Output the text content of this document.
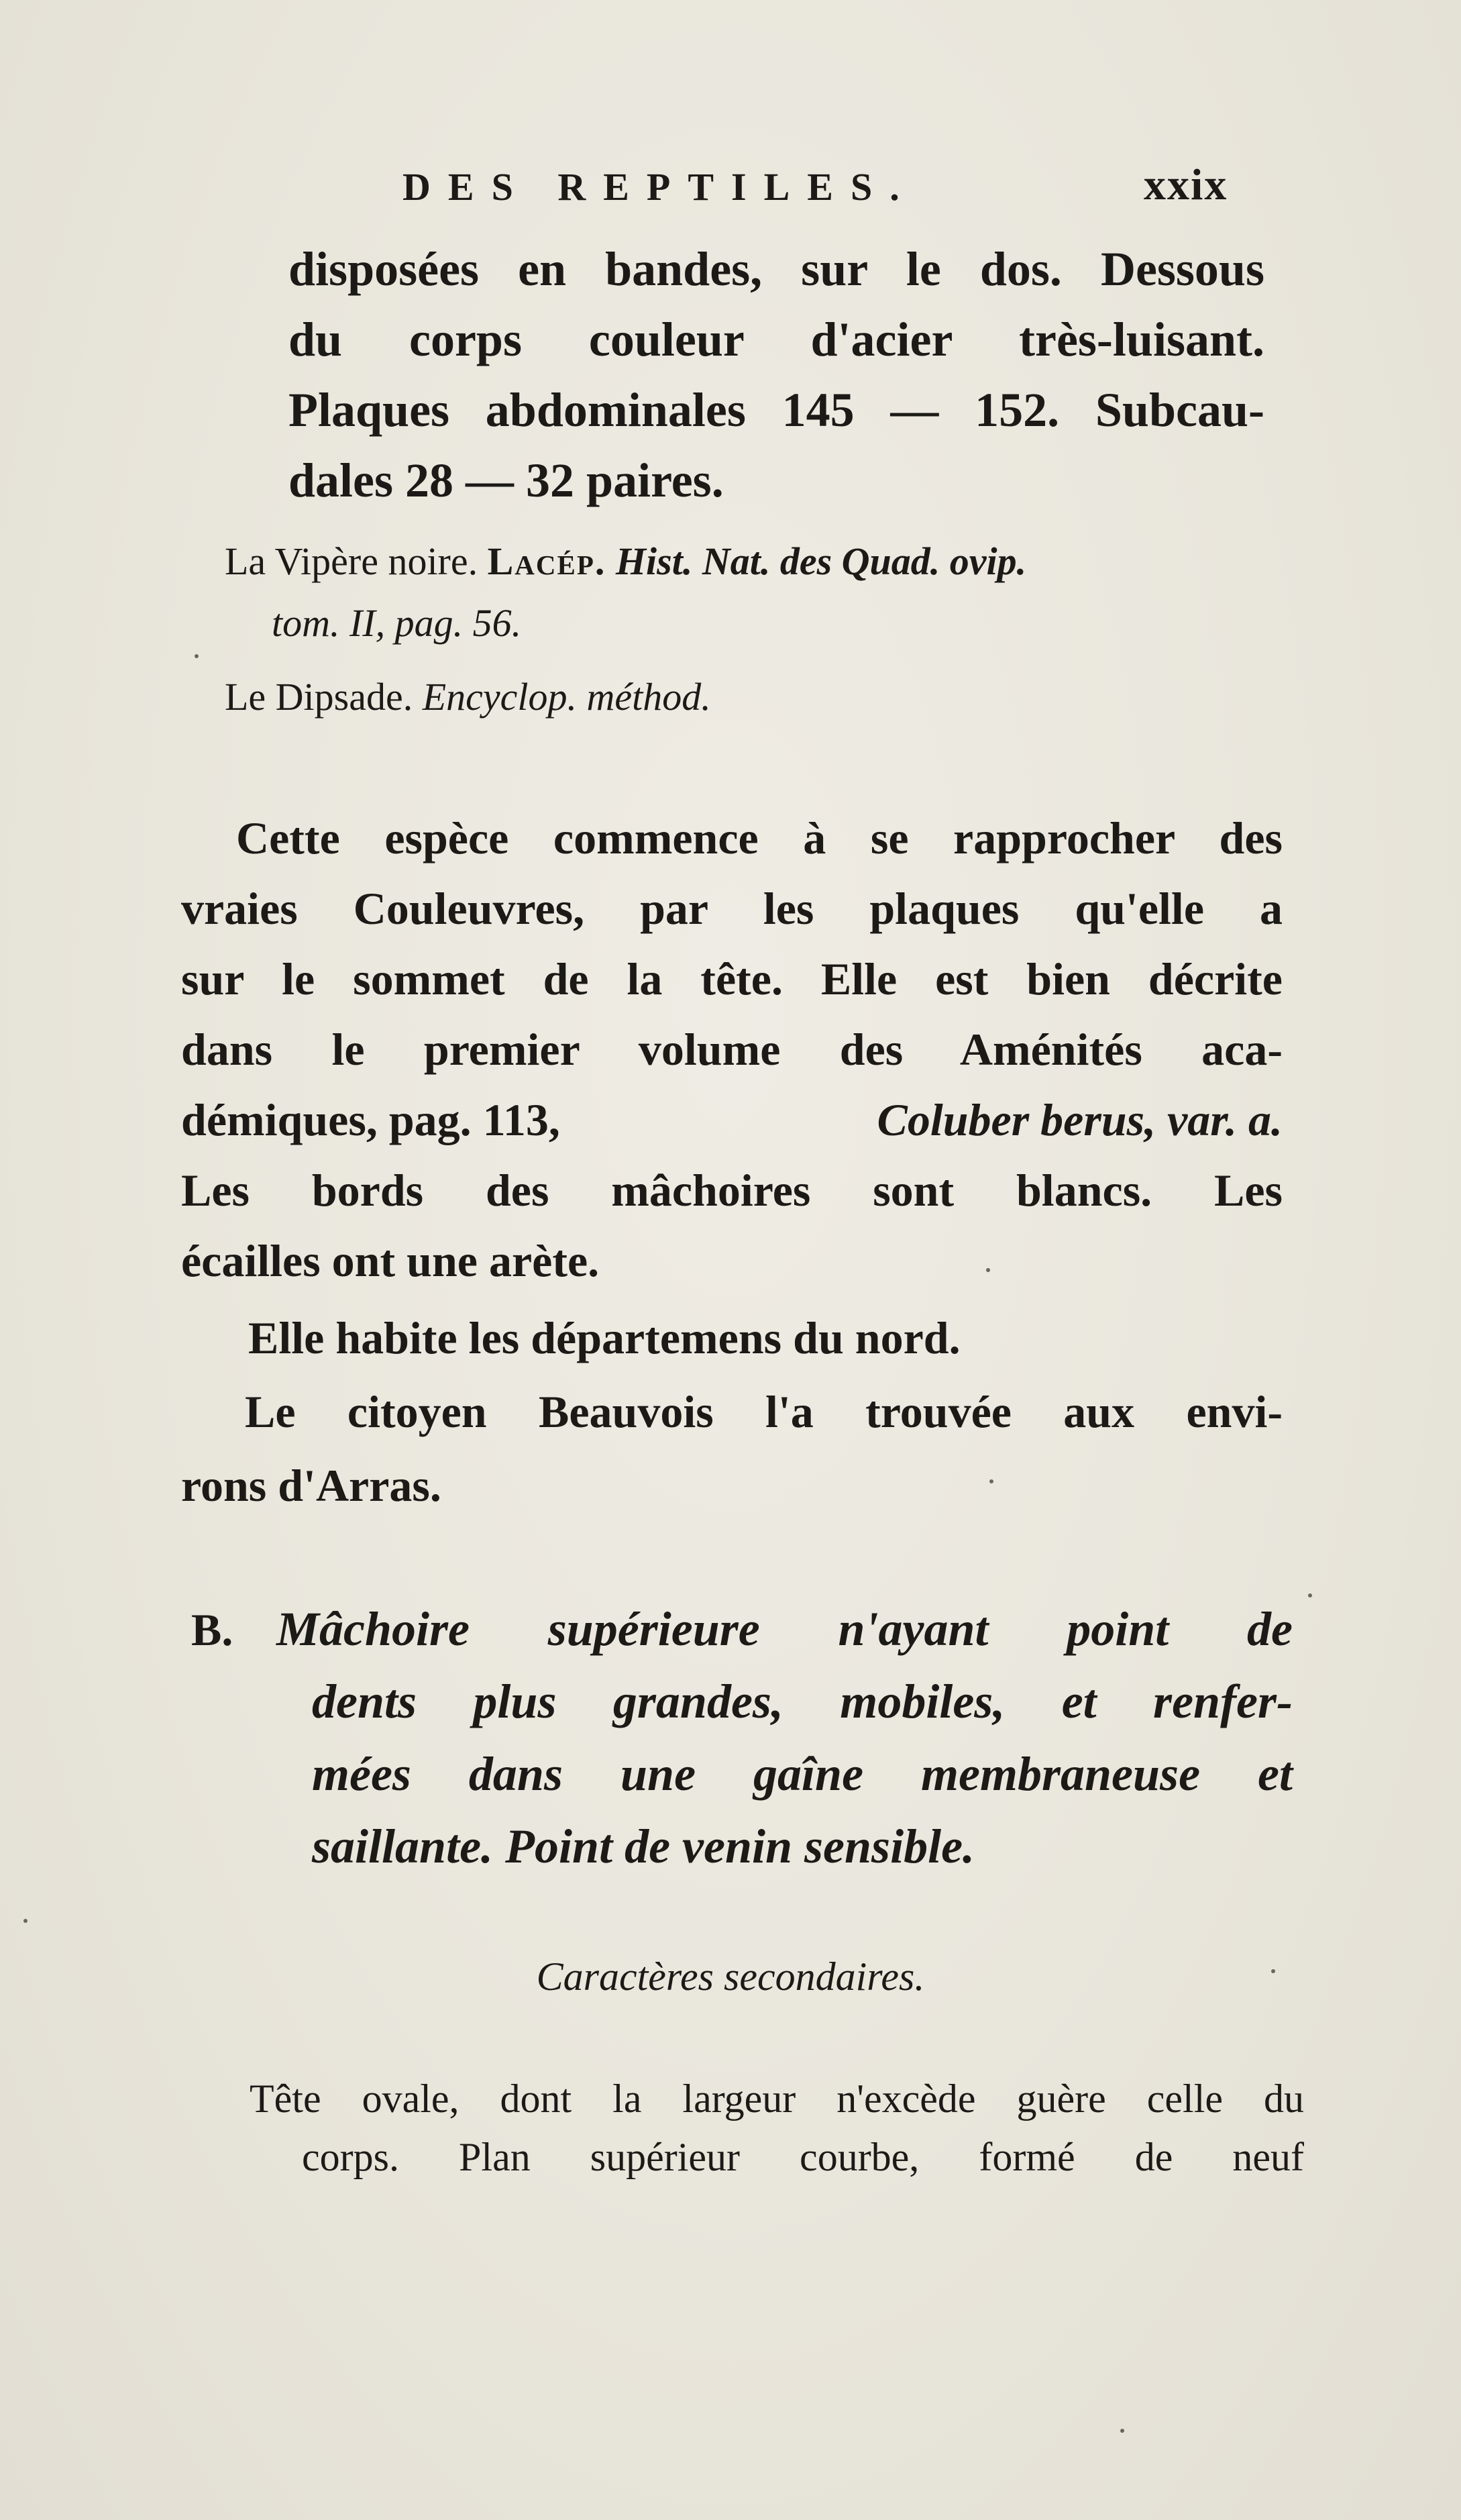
DES REPTILES.	xxix
disposées en bandes, sur le dos. Dessous
du corps couleur d'acier très-luisant.
Plaques abdominales 145 — 152. Subcau-
dales 28 — 32 paires.
La Vipère noire. Lacép. Hist. Nat. des Quad. ovip.
tom. II, pag. 56.
Le Dipsade. Encyclop. méthod.
Cette espèce commence à se rapprocher des
vraies Couleuvres, par les plaques qu'elle a
sur le sommet de la tête. Elle est bien décrite
dans le premier volume des Aménités aca-
démiques, pag. 113,	Coluber berus, var. a.
Les bords des mâchoires sont blancs. Les
écailles ont une arète.
Elle habite les départemens du nord.
Le citoyen Beauvois l'a trouvée aux envi-
rons d'Arras.
B. Mâchoire supérieure n'ayant point de
dents plus grandes, mobiles, et renfer-
mées dans une gaîne membraneuse et
saillante. Point de venin sensible.
Caractères secondaires.
Tête ovale, dont la largeur n'excède guère celle du
corps. Plan supérieur courbe, formé de neuf
